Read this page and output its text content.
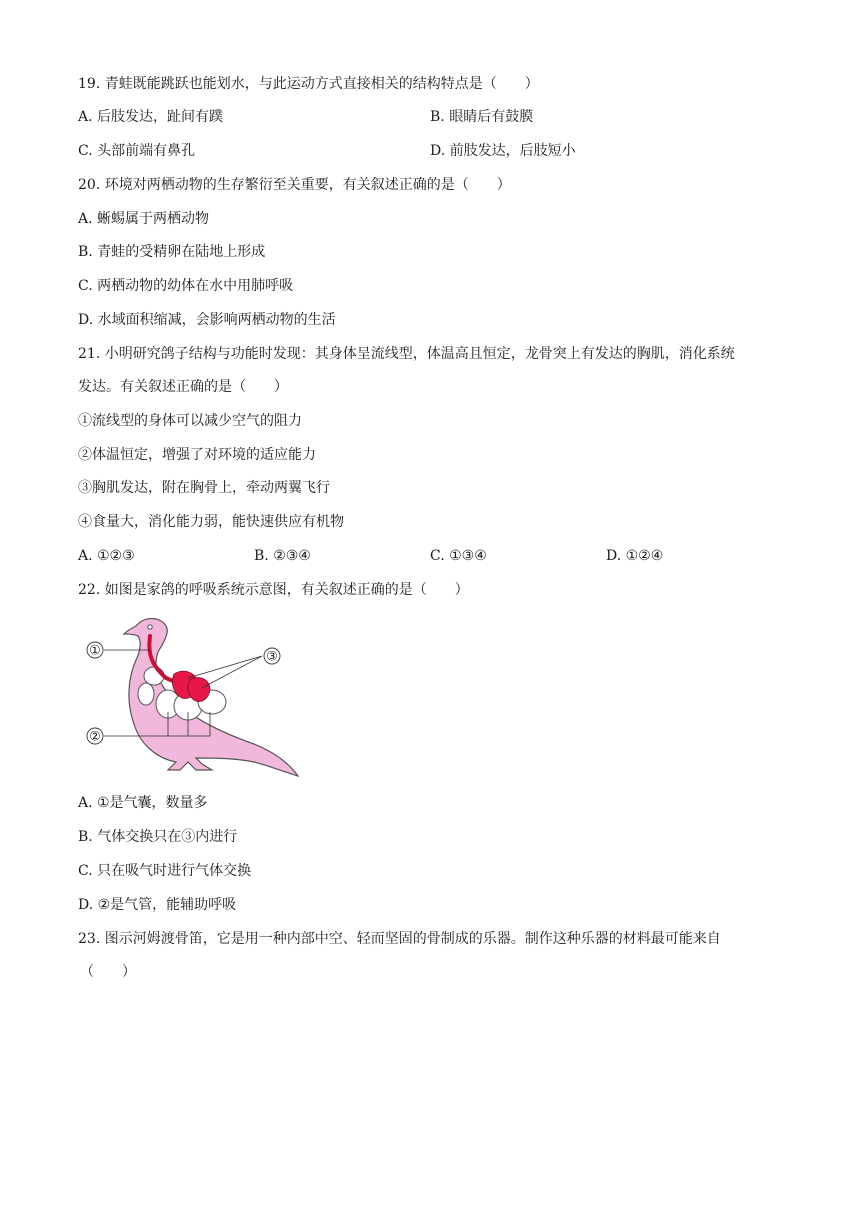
19. 青蛙既能跳跃也能划水，与此运动方式直接相关的结构特点是（　　）
A. 后肢发达，趾间有蹼	B. 眼睛后有鼓膜
C. 头部前端有鼻孔	D. 前肢发达，后肢短小
20. 环境对两栖动物的生存繁衍至关重要，有关叙述正确的是（　　）
A. 蜥蜴属于两栖动物
B. 青蛙的受精卵在陆地上形成
C. 两栖动物的幼体在水中用肺呼吸
D. 水域面积缩减，会影响两栖动物的生活
21. 小明研究鸽子结构与功能时发现：其身体呈流线型，体温高且恒定，龙骨突上有发达的胸肌，消化系统
发达。有关叙述正确的是（　　）
①流线型的身体可以减少空气的阻力
②体温恒定，增强了对环境的适应能力
③胸肌发达，附在胸骨上，牵动两翼飞行
④食量大，消化能力弱，能快速供应有机物
A. ①②③	B. ②③④	C. ①③④	D. ①②④
22. 如图是家鸽的呼吸系统示意图，有关叙述正确的是（　　）
①
②
③
A. ①是气囊，数量多
B. 气体交换只在③内进行
C. 只在吸气时进行气体交换
D. ②是气管，能辅助呼吸
23. 图示河姆渡骨笛，它是用一种内部中空、轻而坚固的骨制成的乐器。制作这种乐器的材料最可能来自
（　　）
